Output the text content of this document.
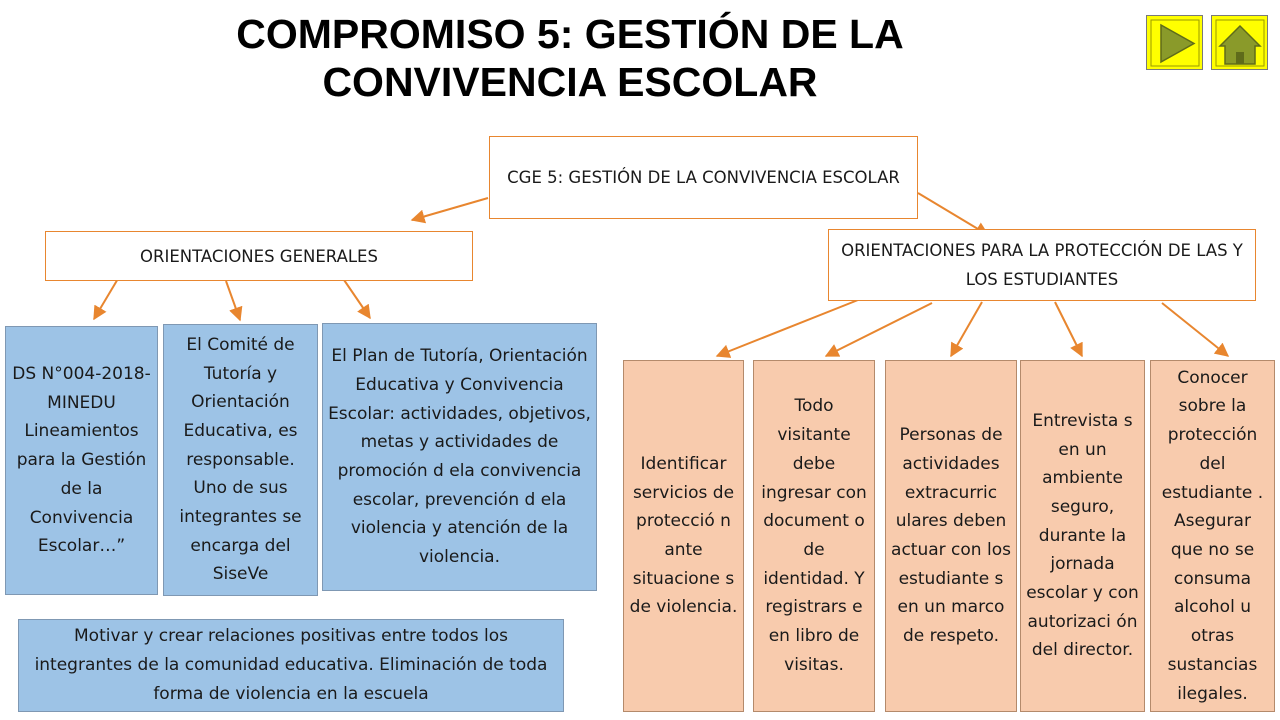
COMPROMISO 5: GESTIÓN DE LA CONVIVENCIA ESCOLAR
CGE 5: GESTIÓN DE LA CONVIVENCIA ESCOLAR
ORIENTACIONES GENERALES	ORIENTACIONES PARA LA PROTECCIÓN DE LAS Y LOS ESTUDIANTES
DS N°004-2018-MINEDU Lineamientos para la Gestión de la Convivencia Escolar…”
El Comité de Tutoría y Orientación Educativa, es responsable. Uno de sus integrantes se encarga del SiseVe
El Plan de Tutoría, Orientación Educativa y Convivencia Escolar: actividades, objetivos, metas y actividades de promoción d ela convivencia escolar, prevención d ela violencia y atención de la violencia.
Motivar y crear relaciones positivas entre todos los integrantes de la comunidad educativa. Eliminación de toda forma de violencia en la escuela
Identificar servicios de protecció n ante situacione s de violencia.
Todo visitante debe ingresar con document o de identidad. Y registrars e en libro de visitas.
Personas de actividades extracurric ulares deben actuar con los estudiante s en un marco de respeto.
Entrevista s en un ambiente seguro, durante la jornada escolar y con autorizaci ón del director.
Conocer sobre la protección del estudiante . Asegurar que no se consuma alcohol u otras sustancias ilegales.
